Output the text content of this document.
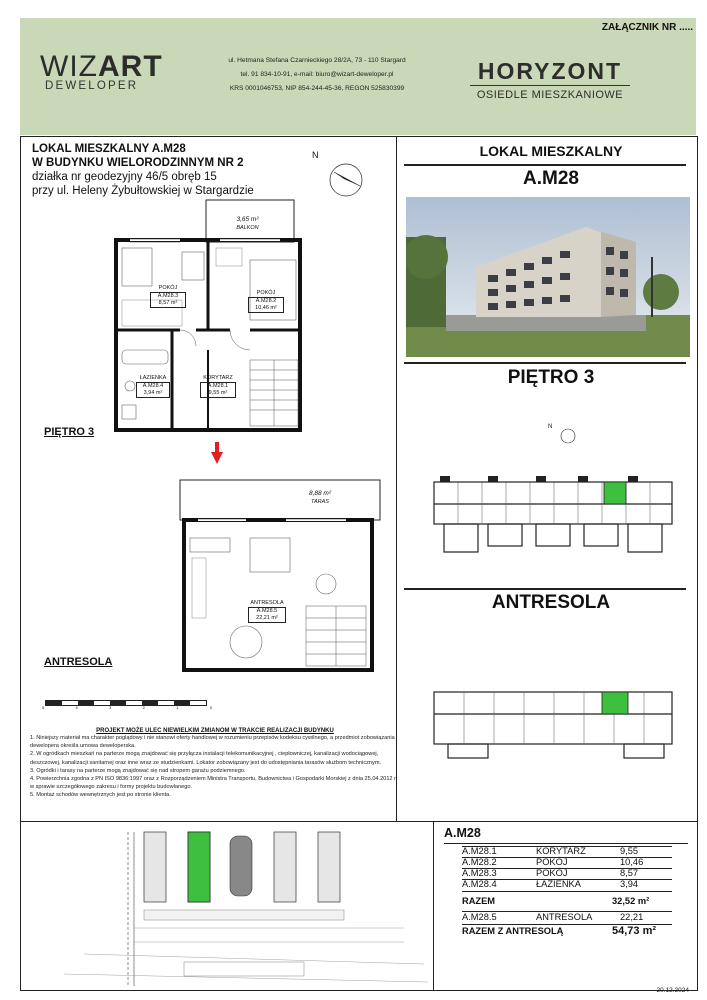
ZAŁĄCZNIK NR .....
WIZART
DEWELOPER
ul. Hetmana Stefana Czarnieckiego 28/2A, 73 - 110 Stargard
tel. 91 834-10-91, e-mail: biuro@wizart-deweloper.pl
KRS 0001046753, NIP 854-244-45-36, REGON 525830399
HORYZONT
OSIEDLE MIESZKANIOWE
LOKAL MIESZKALNY A.M28
W BUDYNKU WIELORODZINNYM NR 2
działka nr geodezyjny 46/5 obręb 15
przy ul. Heleny Żybułtowskiej w Stargardzie
N
3,65 m²
BALKON
POKÓJ
A.M28.3
8,57 m²
POKÓJ
A.M28.2
10,46 m²
ŁAZIENKA
A.M28.4
3,94 m²
KORYTARZ
A.M28.1
9,55 m²
PIĘTRO 3
8,88 m²
TARAS
ANTRESOLA
A.M28.5
22,21 m²
ANTRESOLA
5	4	3	2	1	0
PROJEKT MOŻE ULEC NIEWIELKIM ZMIANOM W TRAKCIE REALIZACJI BUDYNKU
1. Niniejszy materiał ma charakter poglądowy i nie stanowi oferty handlowej w rozumieniu przepisów kodeksu cywilnego, a przedmiot zobowiązania dewelopera określa umowa deweloperska.
2. W ogródkach mieszkań na parterze mogą znajdować się przyłącza instalacji telekomunikacyjnej , ciepłowniczej, kanalizacji wodociągowej, deszczowej, kanalizacji sanitarnej oraz inne wraz ze studzienkami. Lokator zobowiązany jest do udostępniania tarasów służbom technicznym.
3. Ogródki i tarasy na parterze mogą znajdować się nad stropem garażu podziemnego.
4. Powierzchnia zgodna z PN ISO 9836:1997 oraz z Rozporządzeniem Ministra Transportu, Budownictwa i Gospodarki Morskiej z dnia 25.04.2012 r. w sprawie szczegółowego zakresu i formy projektu budowlanego.
5. Montaż schodów wewnętrznych jest po stronie klienta.
LOKAL MIESZKALNY
A.M28
PIĘTRO 3
N
ANTRESOLA
A.M28
A.M28.1	KORYTARZ	9,55
A.M28.2	POKÓJ	10,46
A.M28.3	POKÓJ	8,57
A.M28.4	ŁAZIENKA	3,94
RAZEM	32,52 m²
A.M28.5	ANTRESOLA	22,21
RAZEM Z ANTRESOLĄ	54,73 m²
20.12.2024
